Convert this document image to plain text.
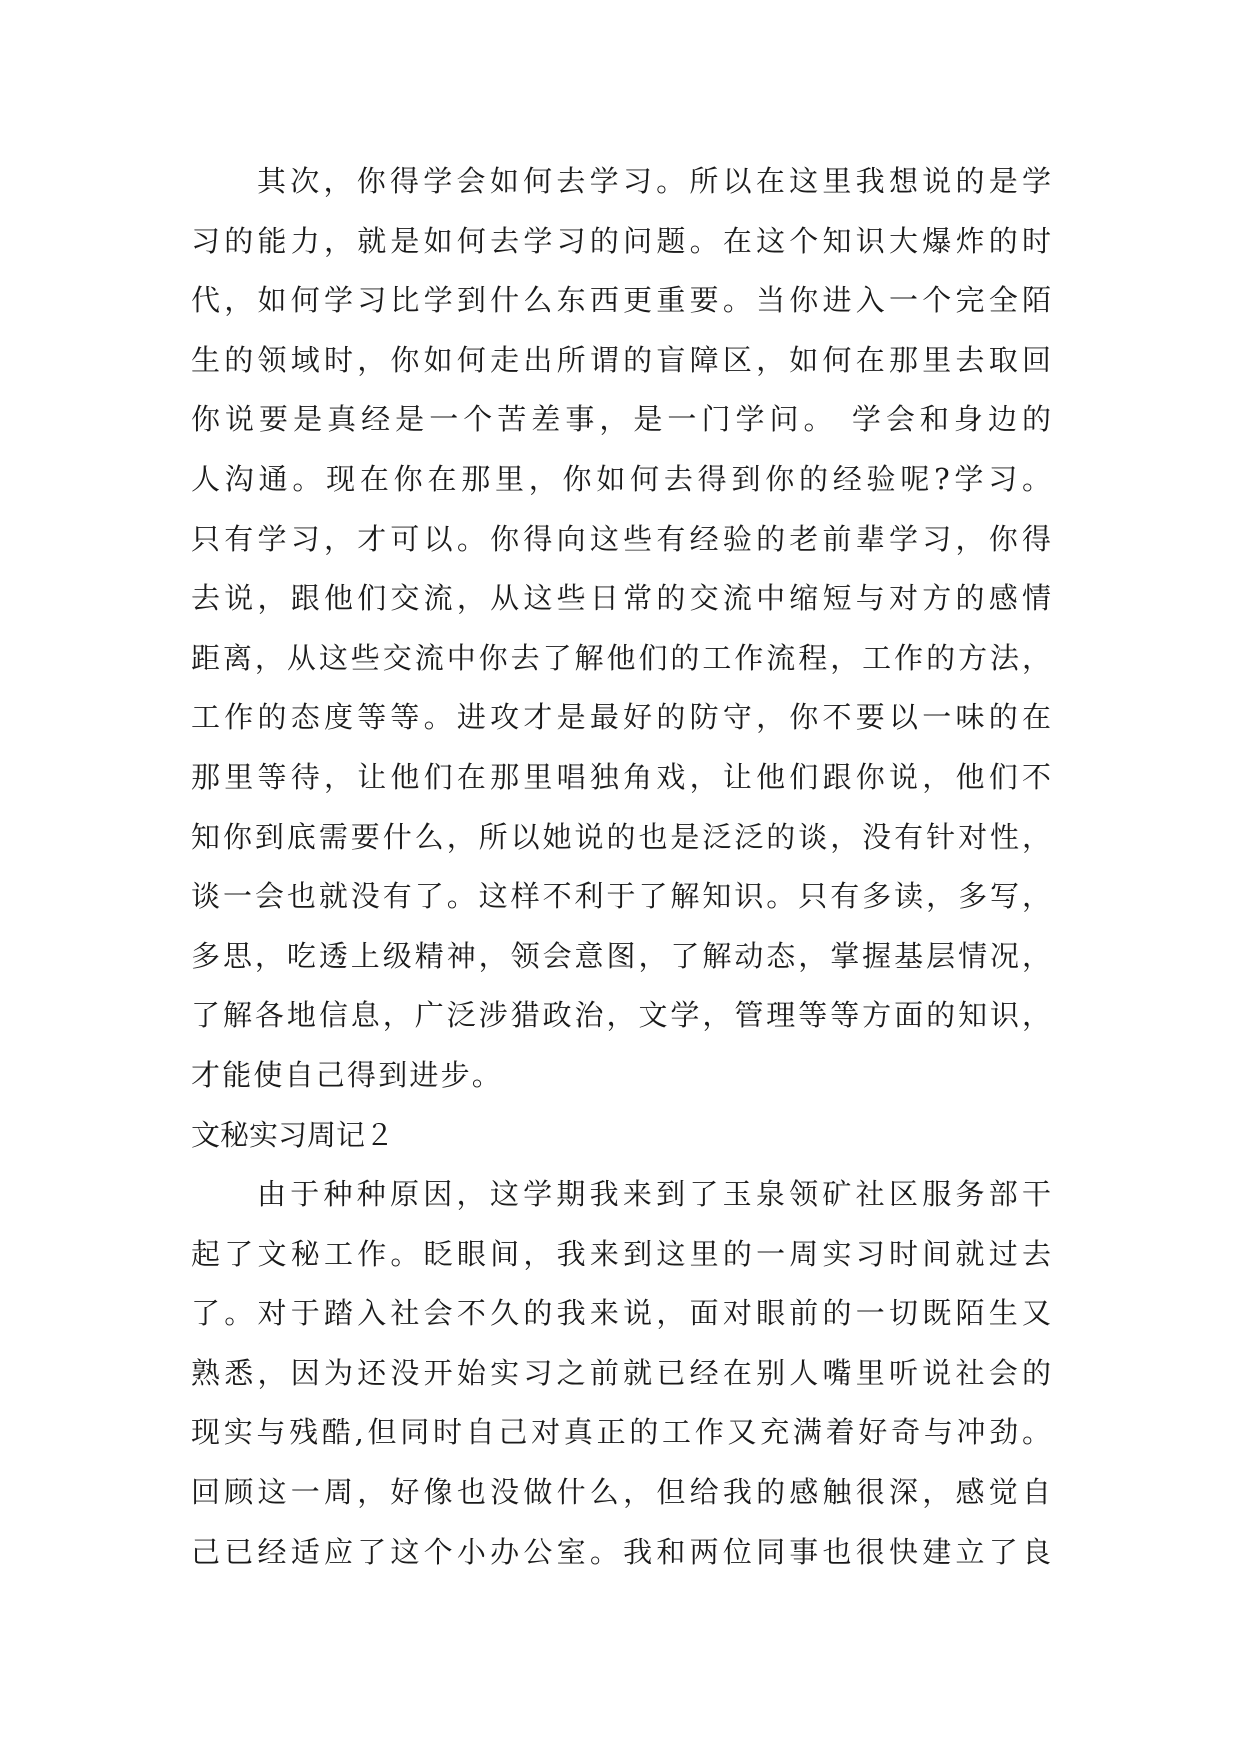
其次，你得学会如何去学习。所以在这里我想说的是学
习的能力，就是如何去学习的问题。在这个知识大爆炸的时
代，如何学习比学到什么东西更重要。当你进入一个完全陌
生的领域时，你如何走出所谓的盲障区，如何在那里去取回
你说要是真经是一个苦差事，是一门学问。 学会和身边的
人沟通。现在你在那里，你如何去得到你的经验呢?学习。
只有学习，才可以。你得向这些有经验的老前辈学习，你得
去说，跟他们交流，从这些日常的交流中缩短与对方的感情
距离，从这些交流中你去了解他们的工作流程，工作的方法，
工作的态度等等。进攻才是最好的防守，你不要以一味的在
那里等待，让他们在那里唱独角戏，让他们跟你说，他们不
知你到底需要什么，所以她说的也是泛泛的谈，没有针对性，
谈一会也就没有了。这样不利于了解知识。只有多读，多写，
多思，吃透上级精神，领会意图，了解动态，掌握基层情况，
了解各地信息，广泛涉猎政治，文学，管理等等方面的知识，
才能使自己得到进步。
文秘实习周记２
由于种种原因，这学期我来到了玉泉领矿社区服务部干
起了文秘工作。眨眼间，我来到这里的一周实习时间就过去
了。对于踏入社会不久的我来说，面对眼前的一切既陌生又
熟悉，因为还没开始实习之前就已经在别人嘴里听说社会的
现实与残酷,但同时自己对真正的工作又充满着好奇与冲劲。
回顾这一周，好像也没做什么，但给我的感触很深，感觉自
己已经适应了这个小办公室。我和两位同事也很快建立了良
